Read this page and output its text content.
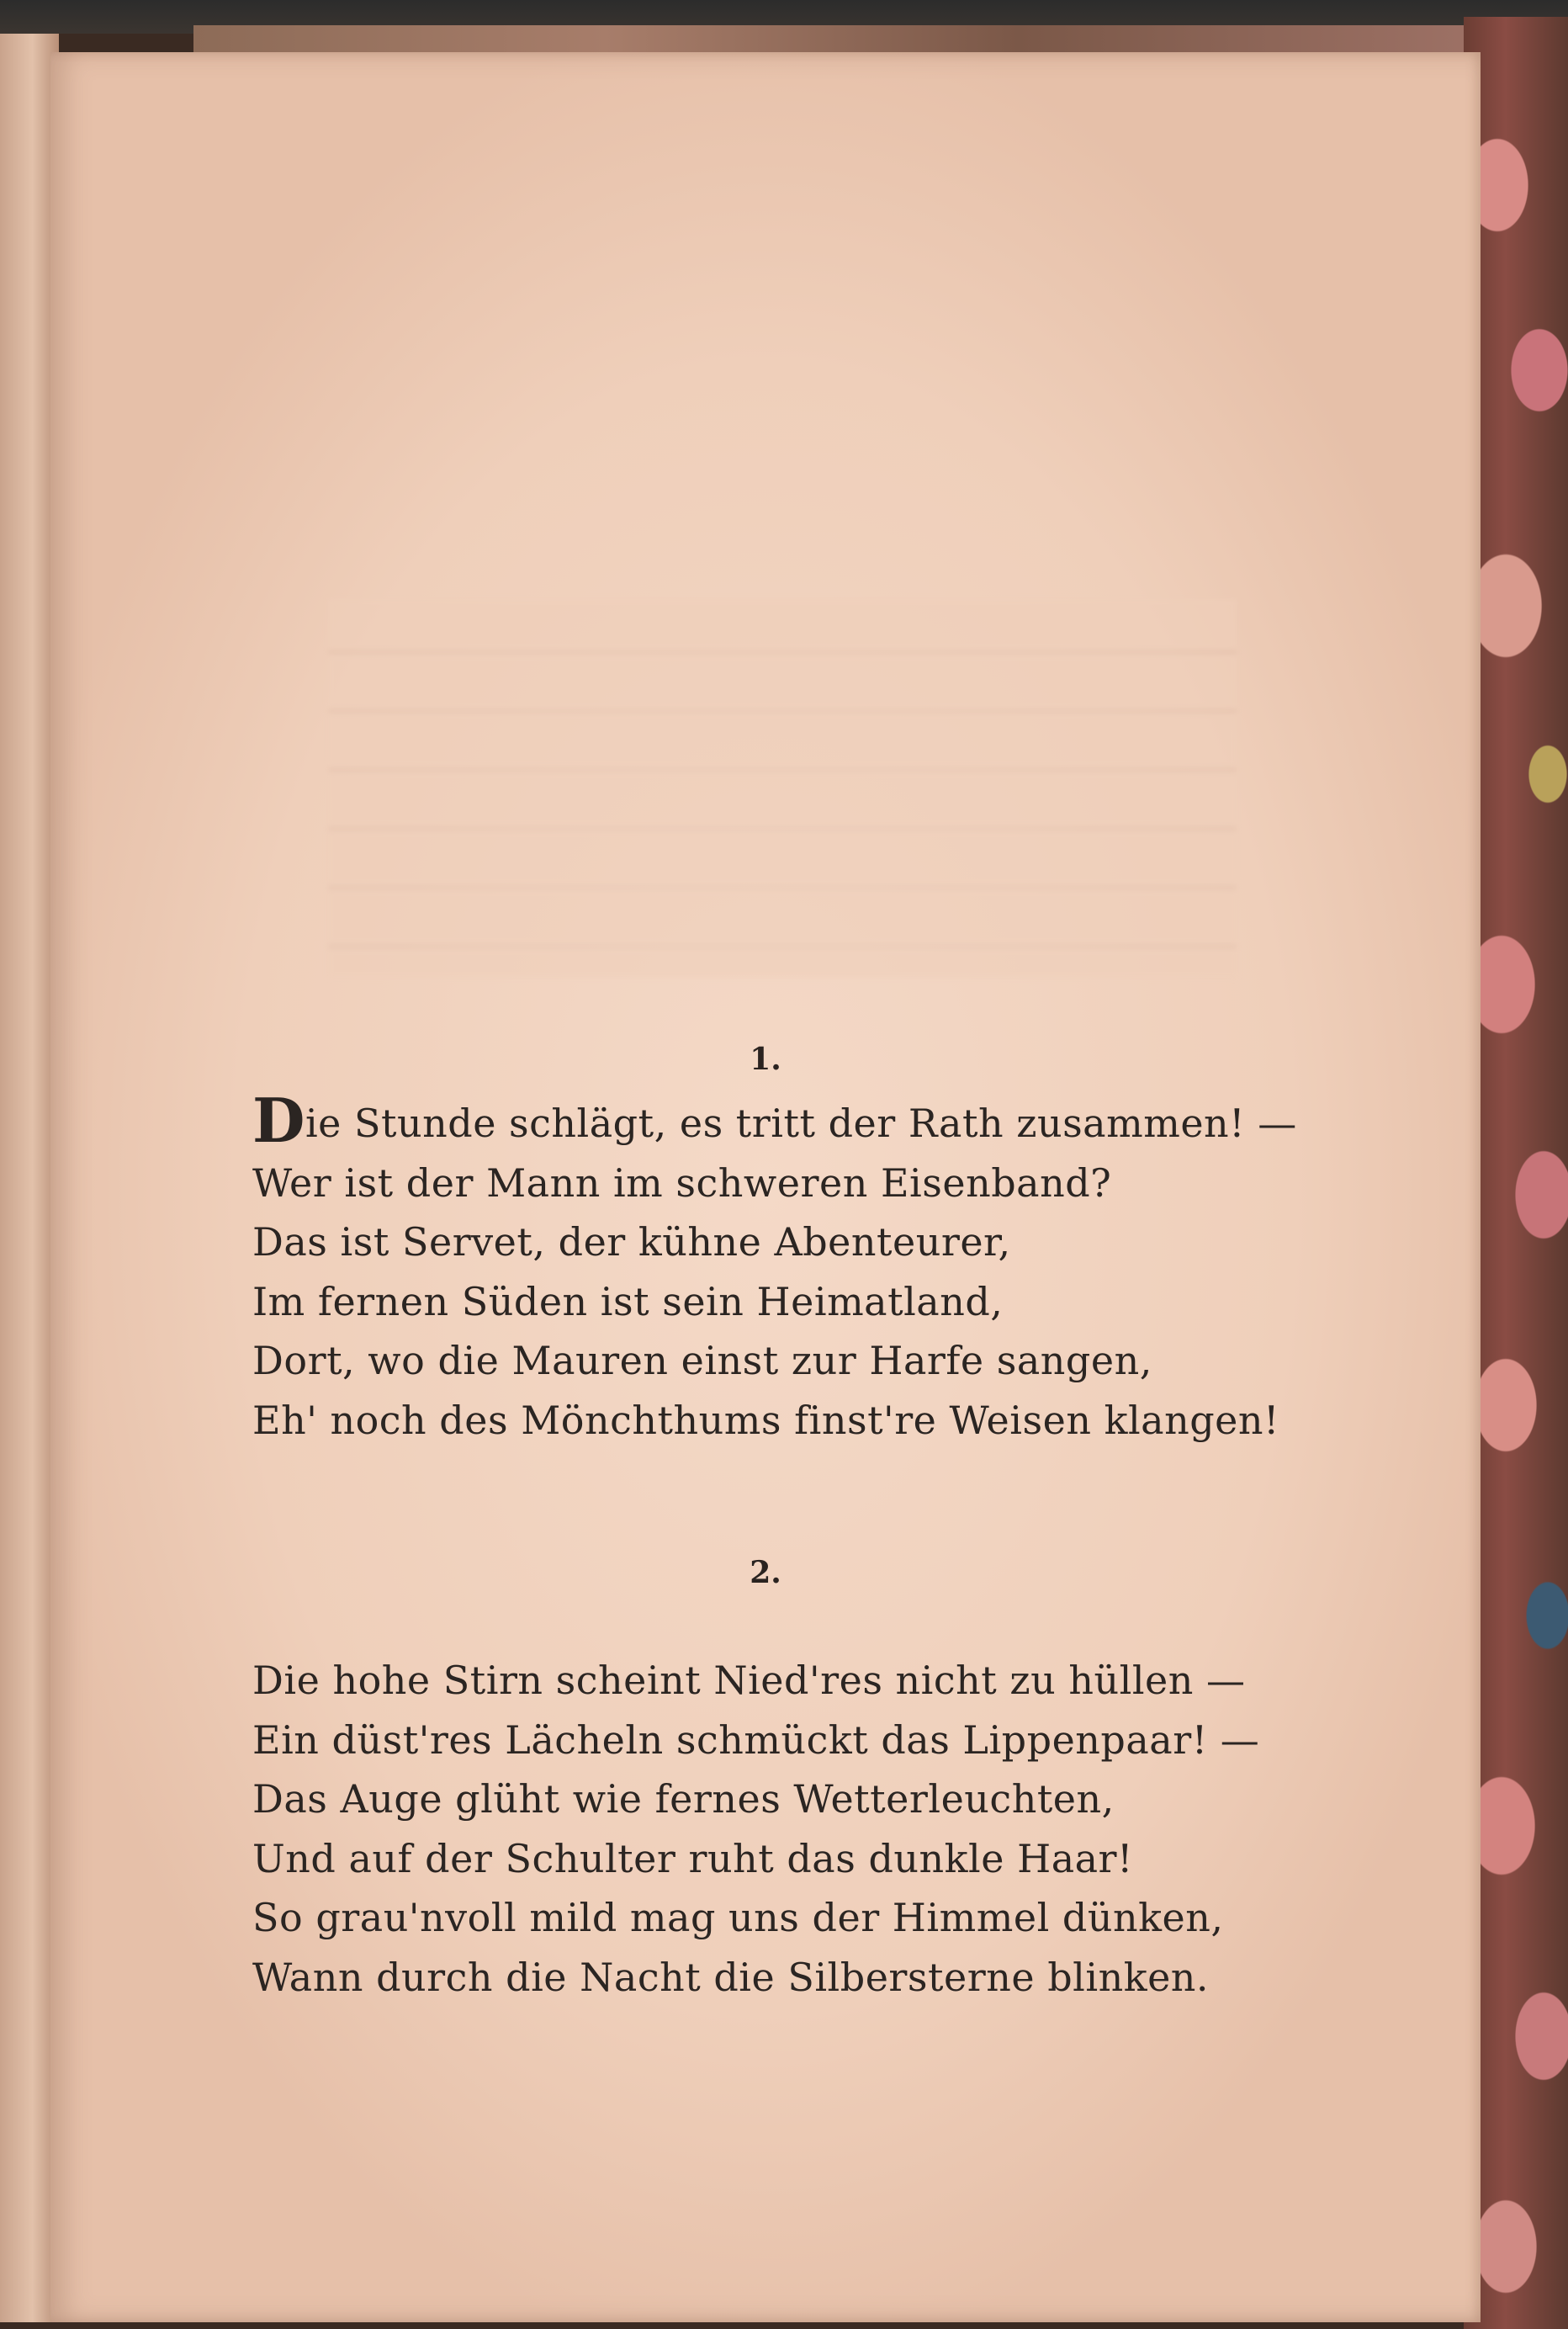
1.
Die Stunde schlägt, es tritt der Rath zusammen! —
Wer ist der Mann im schweren Eisenband?
Das ist Servet, der kühne Abenteurer,
Im fernen Süden ist sein Heimatland,
Dort, wo die Mauren einst zur Harfe sangen,
Eh' noch des Mönchthums finst're Weisen klangen!
2.
Die hohe Stirn scheint Nied'res nicht zu hüllen —
Ein düst'res Lächeln schmückt das Lippenpaar! —
Das Auge glüht wie fernes Wetterleuchten,
Und auf der Schulter ruht das dunkle Haar!
So grau'nvoll mild mag uns der Himmel dünken,
Wann durch die Nacht die Silbersterne blinken.
